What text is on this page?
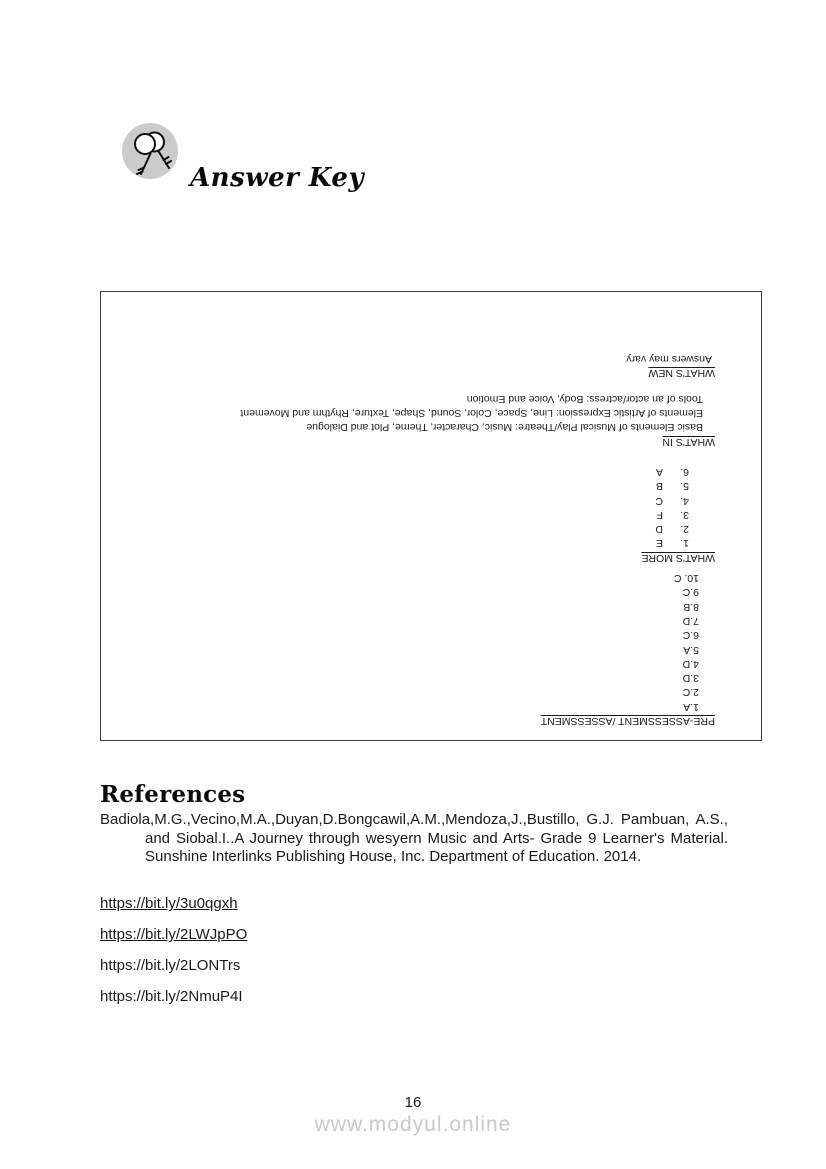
Answer Key
PRE-ASSESSMENT /ASSESSMENT
1.A
2.C
3.D
4.D
5.A
6.C
7.D
8.B
9.C
10. C
WHAT'S MORE
1.E
2.D
3.F
4.C
5.B
6.A
WHAT'S IN
Basic Elements of Musical Play/Theatre: Music, Character, Theme, Plot and Dialogue
Elements of Artistic Expression: Line, Space, Color, Sound, Shape, Texture, Rhythm and Movement
Tools of an actor/actress: Body, Voice and Emotion
WHAT'S NEW
Answers may vary
References

Badiola,M.G.,Vecino,M.A.,Duyan,D.Bongcawil,A.M.,Mendoza,J.,Bustillo, G.J. Pambuan, A.S., and Siobal.I..A Journey through wesyern Music and Arts- Grade 9 Learner's Material. Sunshine Interlinks Publishing House, Inc. Department of Education. 2014.

https://bit.ly/3u0qgxh
https://bit.ly/2LWJpPO
https://bit.ly/2LONTrs
https://bit.ly/2NmuP4I
16
www.modyul.online
